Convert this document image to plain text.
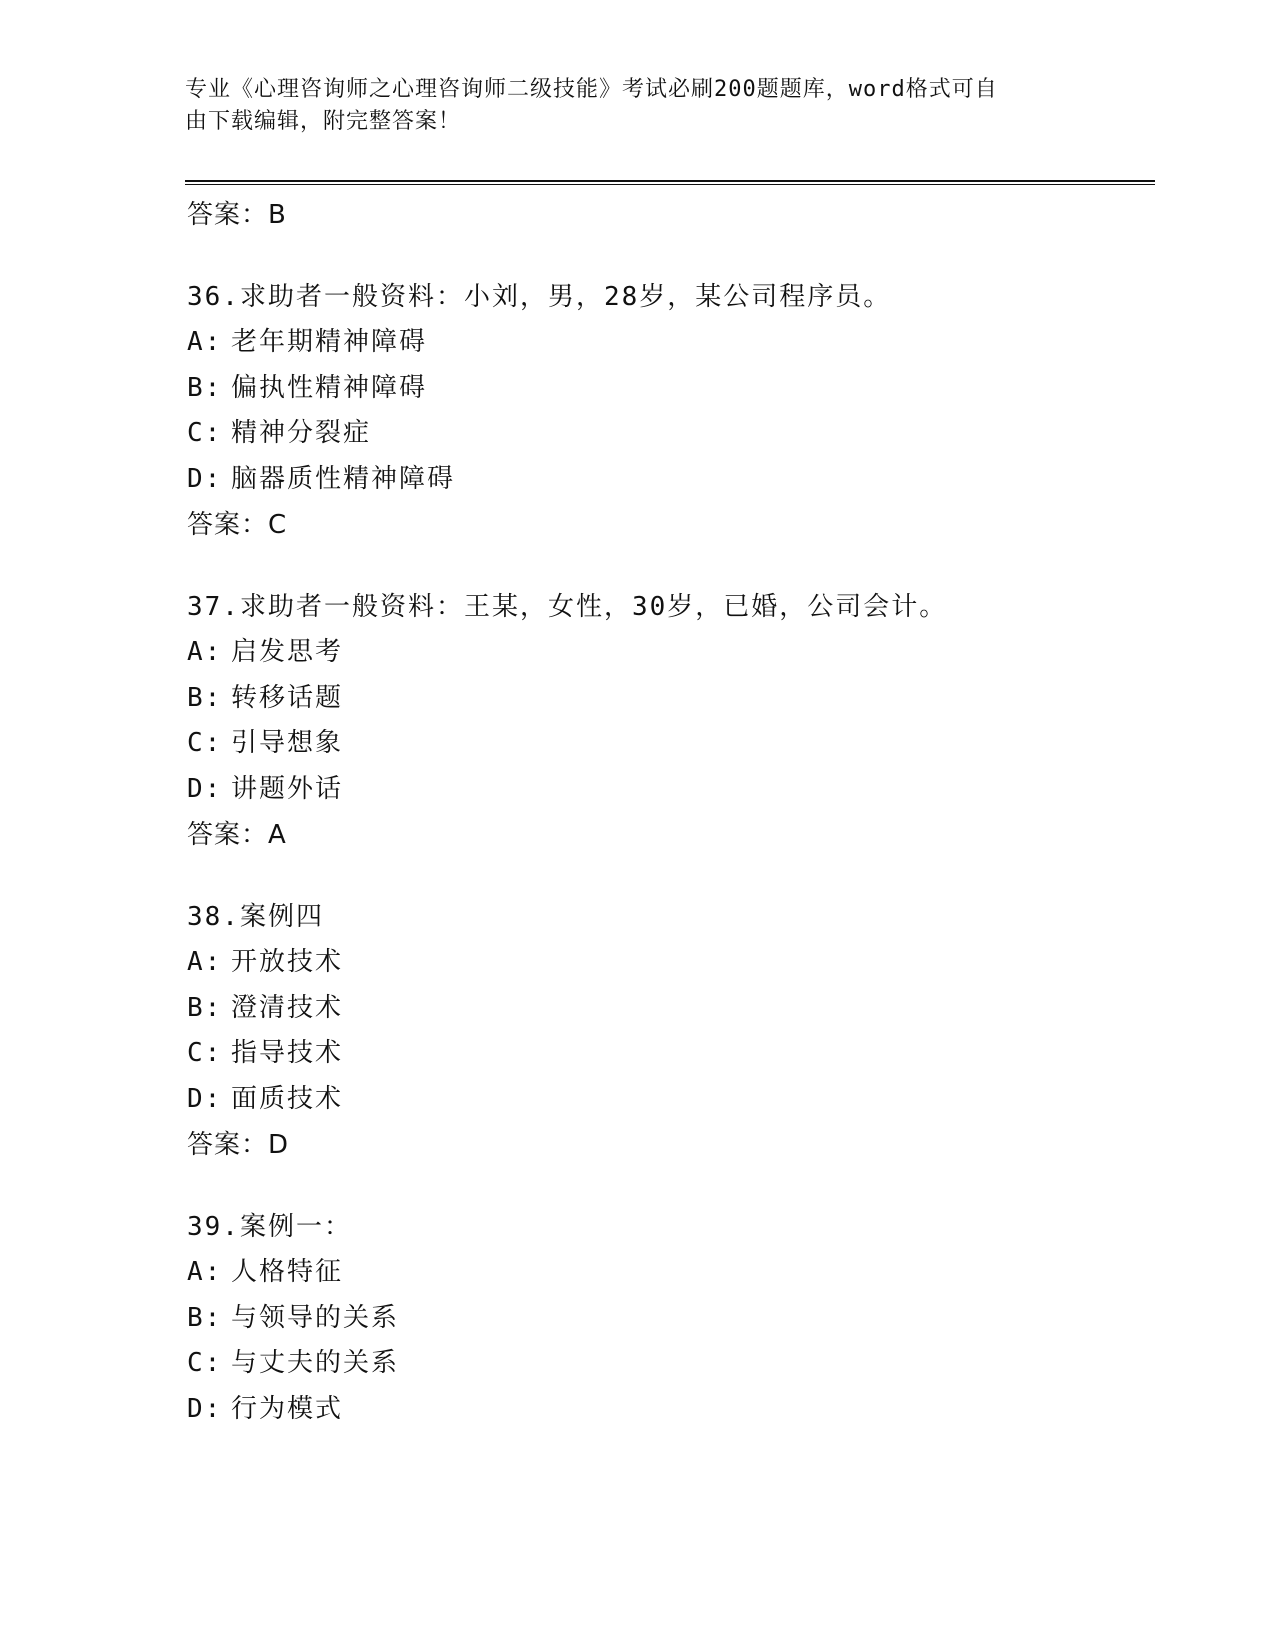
专业《心理咨询师之心理咨询师二级技能》考试必刷200题题库，word格式可自
由下载编辑，附完整答案！
答案：B
36.求助者一般资料：小刘，男，28岁，某公司程序员。
A: 老年期精神障碍
B: 偏执性精神障碍
C: 精神分裂症
D: 脑器质性精神障碍
答案：C
37.求助者一般资料：王某，女性，30岁，已婚，公司会计。
A: 启发思考
B: 转移话题
C: 引导想象
D: 讲题外话
答案：A
38.案例四
A: 开放技术
B: 澄清技术
C: 指导技术
D: 面质技术
答案：D
39.案例一：
A: 人格特征
B: 与领导的关系
C: 与丈夫的关系
D: 行为模式
